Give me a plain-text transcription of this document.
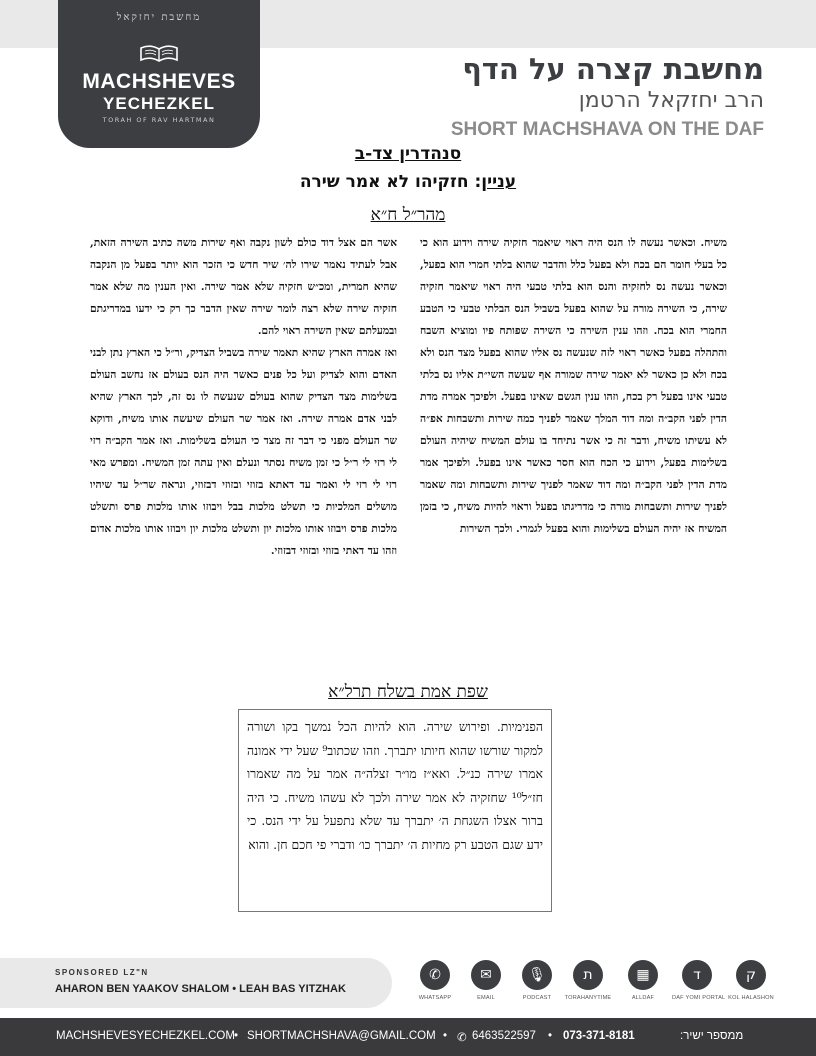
מחשבת יחזקאל
MACHSHEVES
YECHEZKEL
TORAH OF RAV HARTMAN
מחשבת קצרה על הדף
הרב יחזקאל הרטמן
SHORT MACHSHAVA ON THE DAF
סנהדרין צד-ב
עניין: חזקיהו לא אמר שירה
מהר״ל ח״א

משיח. וכאשר נעשה לו הנס היה ראוי שיאמר חזקיה שירה וידוע הוא כי כל בעלי חומר הם בכח ולא בפעל כלל והדבר שהוא בלתי חמרי הוא בפעל, וכאשר נעשה נס לחזקיה והנס הוא בלתי טבעי היה ראוי שיאמר חזקיה שירה, כי השירה מורה על שהוא בפעל בשביל הנס הבלתי טבעי כי הטבע החמרי הוא בכח. וזהו ענין השירה כי השירה שפותח פיו ומוציא השבח והתהלה בפעל כאשר ראוי לזה שנעשה נס אליו שהוא בפעל מצד הנס ולא בכח ולא כן כאשר לא יאמר שירה שמורה אף שעשה השי״ת אליו נס בלתי טבעי אינו בפעל רק בכח, וזהו ענין הגשם שאינו בפעל. ולפיכך אמרה מדת הדין לפני הקב״ה ומה דוד המלך שאמר לפניך כמה שירות ותשבחות אפ״ה לא עשיתו משיח, ודבר זה כי אשר נתיחד בו עולם המשיח שיהיה העולם בשלימות בפעל, וידוע כי הכח הוא חסר כאשר אינו בפעל. ולפיכך אמר מדת הדין לפני הקב״ה ומה דוד שאמר לפניך שירות ותשבחות ומה שאמר לפניך שירות ותשבחות מורה כי מדריגתו בפעל וראוי להיות משיח, כי בזמן המשיח אז יהיה העולם בשלימות והוא בפעל לגמרי. ולכך השירות

אשר הם אצל דוד כולם לשון נקבה ואף שירות משה כתיב השירה הזאת, אבל לעתיד נאמר שירו לה׳ שיר חדש כי הזכר הוא יותר בפעל מן הנקבה שהיא חמרית, ומכ״ש חזקיה שלא אמר שירה. ואין הענין מה שלא אמר חזקיה שירה שלא רצה לומר שירה שאין הדבר כך רק כי ידעו במדריגתם ובמעלתם שאין השירה ראוי להם.

ואז אמרה הארץ שהיא תאמר שירה בשביל הצדיק, ור״ל כי הארץ נתן לבני האדם והוא לצדיק ועל כל פנים כאשר היה הנס בעולם אז נחשב העולם בשלימות מצד הצדיק שהוא בעולם שנעשה לו נס זה, לכך הארץ שהיא לבני אדם אמרה שירה. ואז אמר שר העולם שיעשה אותו משיח, ודוקא שר העולם מפני כי דבר זה מצד כי העולם בשלימות. ואז אמר הקב״ה רזי לי רזי לי ר״ל כי זמן משיח נסתר ונעלם ואין עתה זמן המשיח. ומפרש מאי רזי לי רזי לי ואמר עד דאתא בזוזי ובזוזי דבזוזי, ונראה שר״ל עד שיהיו מושלים המלכיות כי תשלט מלכות בבל ויבוזו אותו מלכות פרס ותשלט מלכות פרס ויבוזו אותו מלכות יון ותשלט מלכות יון ויבוזו אותו מלכות אדום וזהו עד דאתי בזוזי ובזוזי דבזוזי.

שפת אמת בשלח תרל״א

הפנימיות. ופירוש שירה. הוא להיות הכל נמשך בקו ושורה למקור שורשו שהוא חיותו יתברך. וזהו שכתוב⁹ שעל ידי אמונה אמרו שירה כנ״ל. ואא״ז מו״ר זצלה״ה אמר על מה שאמרו חז״ל¹⁰ שחזקיה לא אמר שירה ולכך לא עשהו משיח. כי היה ברור אצלו השגחת ה׳ יתברך עד שלא נתפעל על ידי הנס. כי ידע שגם הטבע רק מחיות ה׳ יתברך כו׳ ודברי פי חכם חן. והוא

SPONSORED LZ"N
AHARON BEN YAAKOV SHALOM • LEAH BAS YITZHAK
✆
WHATSAPP
✉
EMAIL
🎙
PODCAST
ת
TORAHANYTIME
▦
ALLDAF
ד
DAF YOMI PORTAL
ק
KOL HALASHON
MACHSHEVESYECHEZKEL.COM • SHORTMACHSHAVA@GMAIL.COM • ✆ 6463522597 • 073-371-8181	ממספר ישיר:
